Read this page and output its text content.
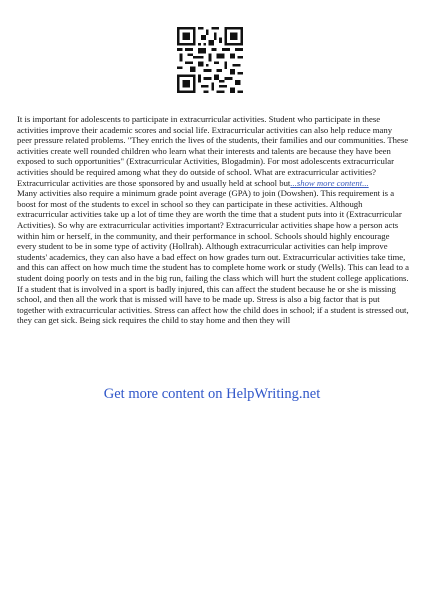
It is important for adolescents to participate in extracurricular activities. Student who participate in these activities improve their academic scores and social life. Extracurricular activities can also help reduce many peer pressure related problems. "They enrich the lives of the students, their families and our communities. These activities create well rounded children who learn what their interests and talents are because they have been exposed to such opportunities" (Extracurricular Activities, Blogadmin). For most adolescents extracurricular activities should be required among what they do outside of school. What are extracurricular activities? Extracurricular activities are those sponsored by and usually held at school but...show more content...

Many activities also require a minimum grade point average (GPA) to join (Dowshen). This requirement is a boost for most of the students to excel in school so they can participate in these activities. Although extracurricular activities take up a lot of time they are worth the time that a student puts into it (Extracurricular Activities). So why are extracurricular activities important? Extracurricular activities shape how a person acts within him or herself, in the community, and their performance in school. Schools should highly encourage every student to be in some type of activity (Hollrah). Although extracurricular activities can help improve students' academics, they can also have a bad effect on how grades turn out. Extracurricular activities take time, and this can affect on how much time the student has to complete home work or study (Wells). This can lead to a student doing poorly on tests and in the big run, failing the class which will hurt the student college applications. If a student that is involved in a sport is badly injured, this can affect the student because he or she is missing school, and then all the work that is missed will have to be made up. Stress is also a big factor that is put together with extracurricular activities. Stress can affect how the child does in school; if a student is stressed out, they can get sick. Being sick requires the child to stay home and then they will

Get more content on HelpWriting.net
